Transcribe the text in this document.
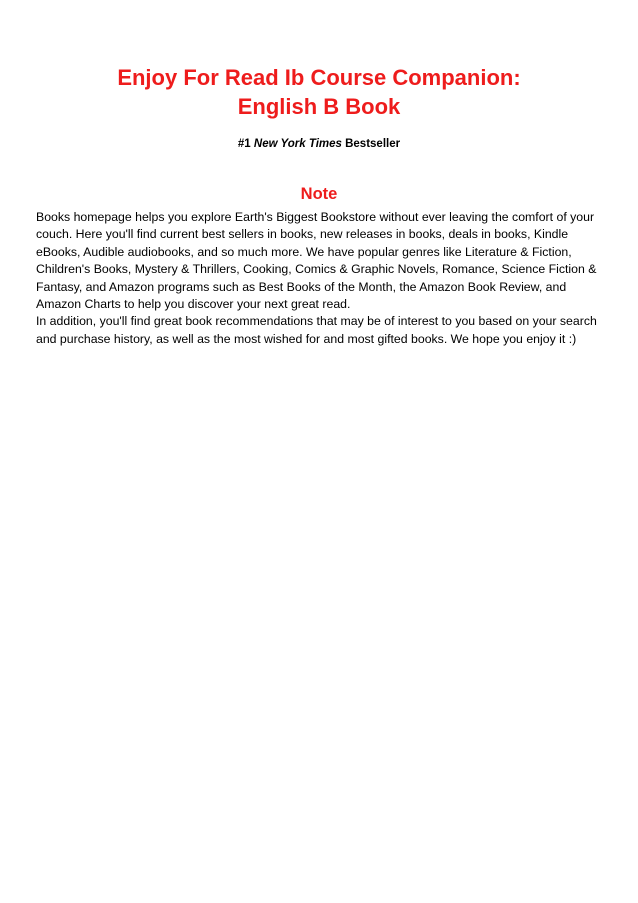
Enjoy For Read Ib Course Companion:
English B Book
#1 New York Times Bestseller
Note

Books homepage helps you explore Earth's Biggest Bookstore without ever leaving the comfort of your couch. Here you'll find current best sellers in books, new releases in books, deals in books, Kindle eBooks, Audible audiobooks, and so much more. We have popular genres like Literature & Fiction, Children's Books, Mystery & Thrillers, Cooking, Comics & Graphic Novels, Romance, Science Fiction & Fantasy, and Amazon programs such as Best Books of the Month, the Amazon Book Review, and Amazon Charts to help you discover your next great read.

In addition, you'll find great book recommendations that may be of interest to you based on your search and purchase history, as well as the most wished for and most gifted books. We hope you enjoy it :)
